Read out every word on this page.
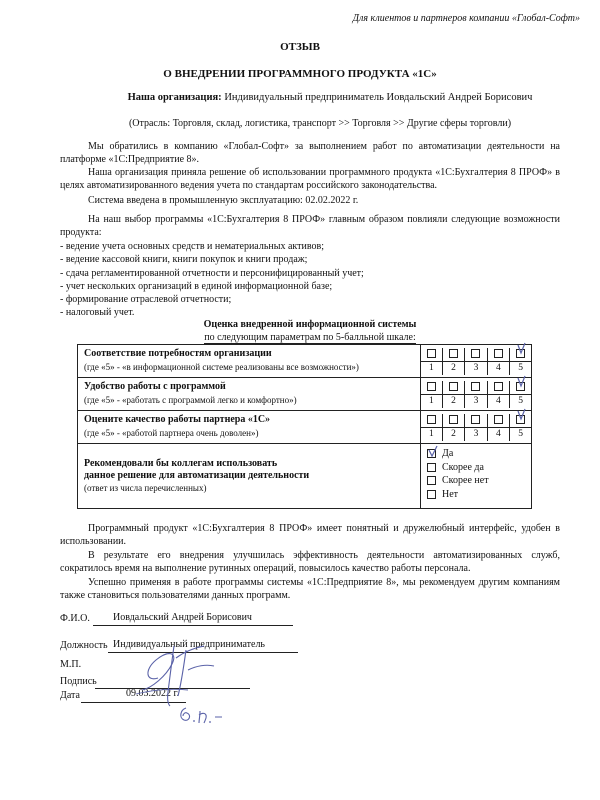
Для клиентов и партнеров компании «Глобал-Софт»
ОТЗЫВ
О ВНЕДРЕНИИ ПРОГРАММНОГО ПРОДУКТА «1С»
Наша организация: Индивидуальный предприниматель Иовдальский Андрей Борисович
(Отрасль: Торговля, склад, логистика, транспорт >> Торговля >> Другие сферы торговли)
Мы обратились в компанию «Глобал-Софт» за выполнением работ по автоматизации деятельности на платформе «1С:Предприятие 8».
Наша организация приняла решение об использовании программного продукта «1С:Бухгалтерия 8 ПРОФ» в целях автоматизированного ведения учета по стандартам российского законодательства.
Система введена в промышленную эксплуатацию: 02.02.2022 г.
На наш выбор программы «1С:Бухгалтерия 8 ПРОФ» главным образом повлияли следующие возможности продукта:
- ведение учета основных средств и нематериальных активов;
- ведение кассовой книги, книги покупок и книги продаж;
- сдача регламентированной отчетности и персонифицированный учет;
- учет нескольких организаций в единой информационной базе;
- формирование отраслевой отчетности;
- налоговый учет.
Оценка внедренной информационной системы
по следующим параметрам по 5-балльной шкале:
Соответствие потребностям организации
(где «5» - «в информационной системе реализованы все возможности»)	
					1	2	3	4	5

Удобство работы с программой
(где «5» - «работать с программой легко и комфортно»)	
					1	2	3	4	5

Оцените качество работы партнера «1С»
(где «5» - «работой партнера очень доволен»)	
					1	2	3	4	5

Рекомендовали бы коллегам использовать
данное решение для автоматизации деятельности
(ответ из числа перечисленных)	
Да
Скорее да
Скорее нет
Нет
Программный продукт «1С:Бухгалтерия 8 ПРОФ» имеет понятный и дружелюбный интерфейс, удобен в использовании.
В результате его внедрения улучшилась эффективность деятельности автоматизированных служб, сократилось время на выполнение рутинных операций, повысилось качество работы персонала.
Успешно применяя в работе программы системы «1С:Предприятие 8», мы рекомендуем другим компаниям также становиться пользователями данных программ.
Ф.И.О. Иовдальский Андрей Борисович
Должность Индивидуальный предприниматель
М.П.
Подпись
Дата	09.03.2022 г.
